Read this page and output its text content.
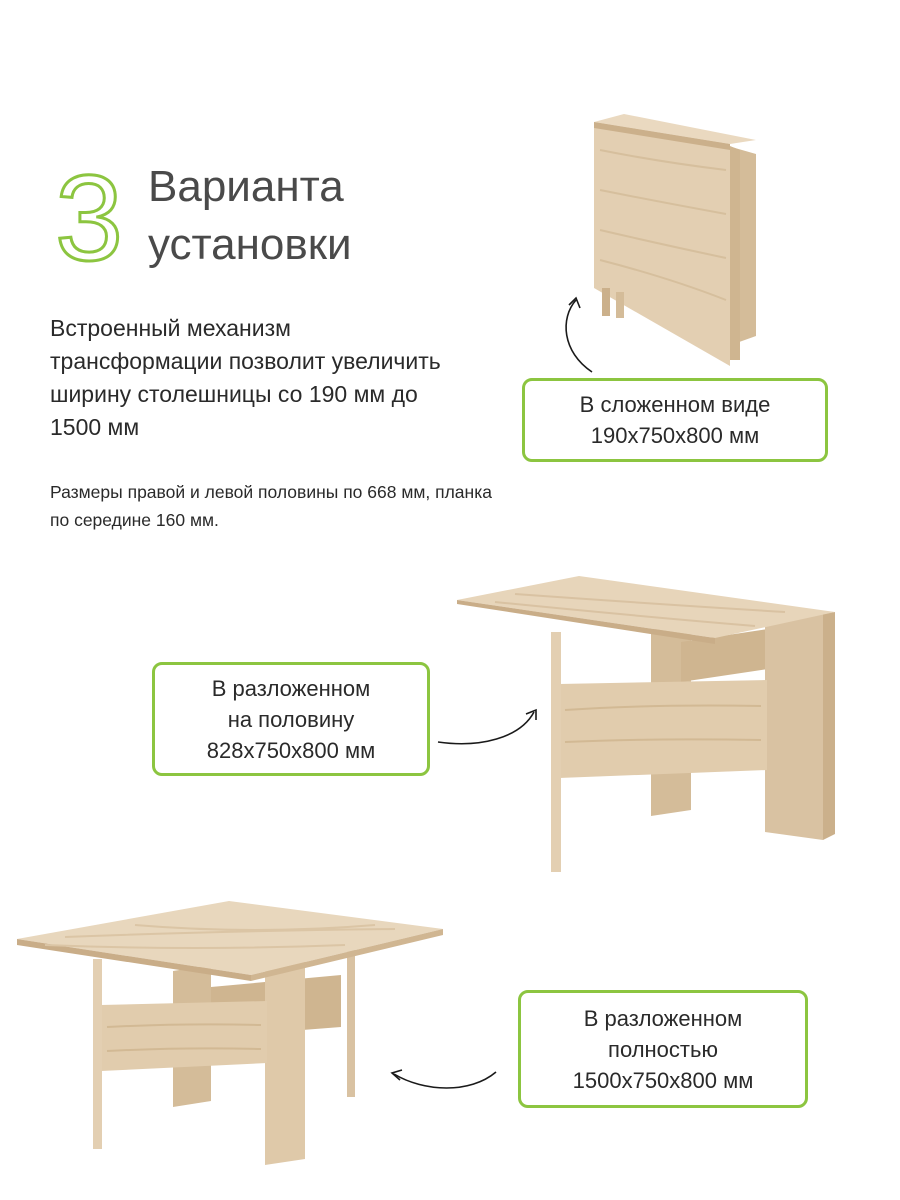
3 Варианта
установки

Встроенный механизм трансформации позволит увеличить ширину столешницы со 190 мм до 1500 мм

Размеры правой и левой половины по 668 мм, планка по середине 160 мм.

В сложенном виде
190х750х800 мм
В разложенном
на половину
828х750х800 мм
В разложенном
полностью
1500х750х800 мм
